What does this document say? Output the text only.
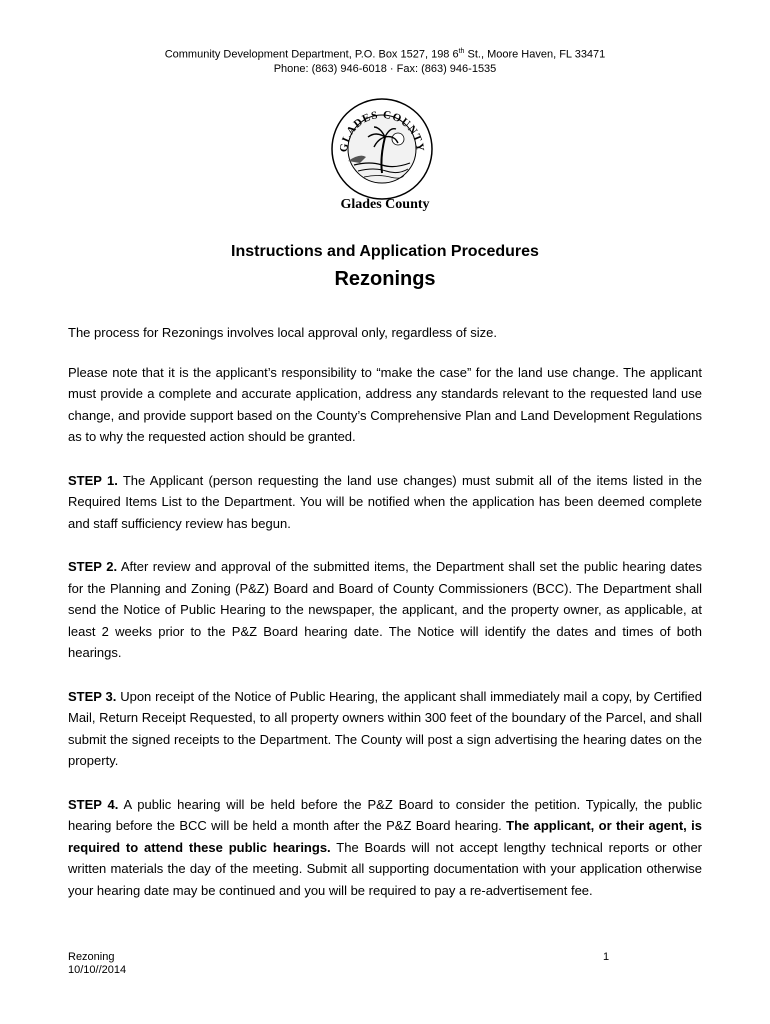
Community Development Department, P.O. Box 1527, 198 6th St., Moore Haven, FL 33471
Phone: (863) 946-6018 · Fax: (863) 946-1535
GLADES COUNTY
Glades County
Instructions and Application Procedures
Rezonings

The process for Rezonings involves local approval only, regardless of size.

Please note that it is the applicant’s responsibility to “make the case” for the land use change. The applicant must provide a complete and accurate application, address any standards relevant to the requested land use change, and provide support based on the County’s Comprehensive Plan and Land Development Regulations as to why the requested action should be granted.

STEP 1. The Applicant (person requesting the land use changes) must submit all of the items listed in the Required Items List to the Department. You will be notified when the application has been deemed complete and staff sufficiency review has begun.

STEP 2. After review and approval of the submitted items, the Department shall set the public hearing dates for the Planning and Zoning (P&Z) Board and Board of County Commissioners (BCC). The Department shall send the Notice of Public Hearing to the newspaper, the applicant, and the property owner, as applicable, at least 2 weeks prior to the P&Z Board hearing date. The Notice will identify the dates and times of both hearings.

STEP 3. Upon receipt of the Notice of Public Hearing, the applicant shall immediately mail a copy, by Certified Mail, Return Receipt Requested, to all property owners within 300 feet of the boundary of the Parcel, and shall submit the signed receipts to the Department. The County will post a sign advertising the hearing dates on the property.

STEP 4. A public hearing will be held before the P&Z Board to consider the petition. Typically, the public hearing before the BCC will be held a month after the P&Z Board hearing. The applicant, or their agent, is required to attend these public hearings. The Boards will not accept lengthy technical reports or other written materials the day of the meeting. Submit all supporting documentation with your application otherwise your hearing date may be continued and you will be required to pay a re-advertisement fee.

Rezoning
10/10//2014
1
